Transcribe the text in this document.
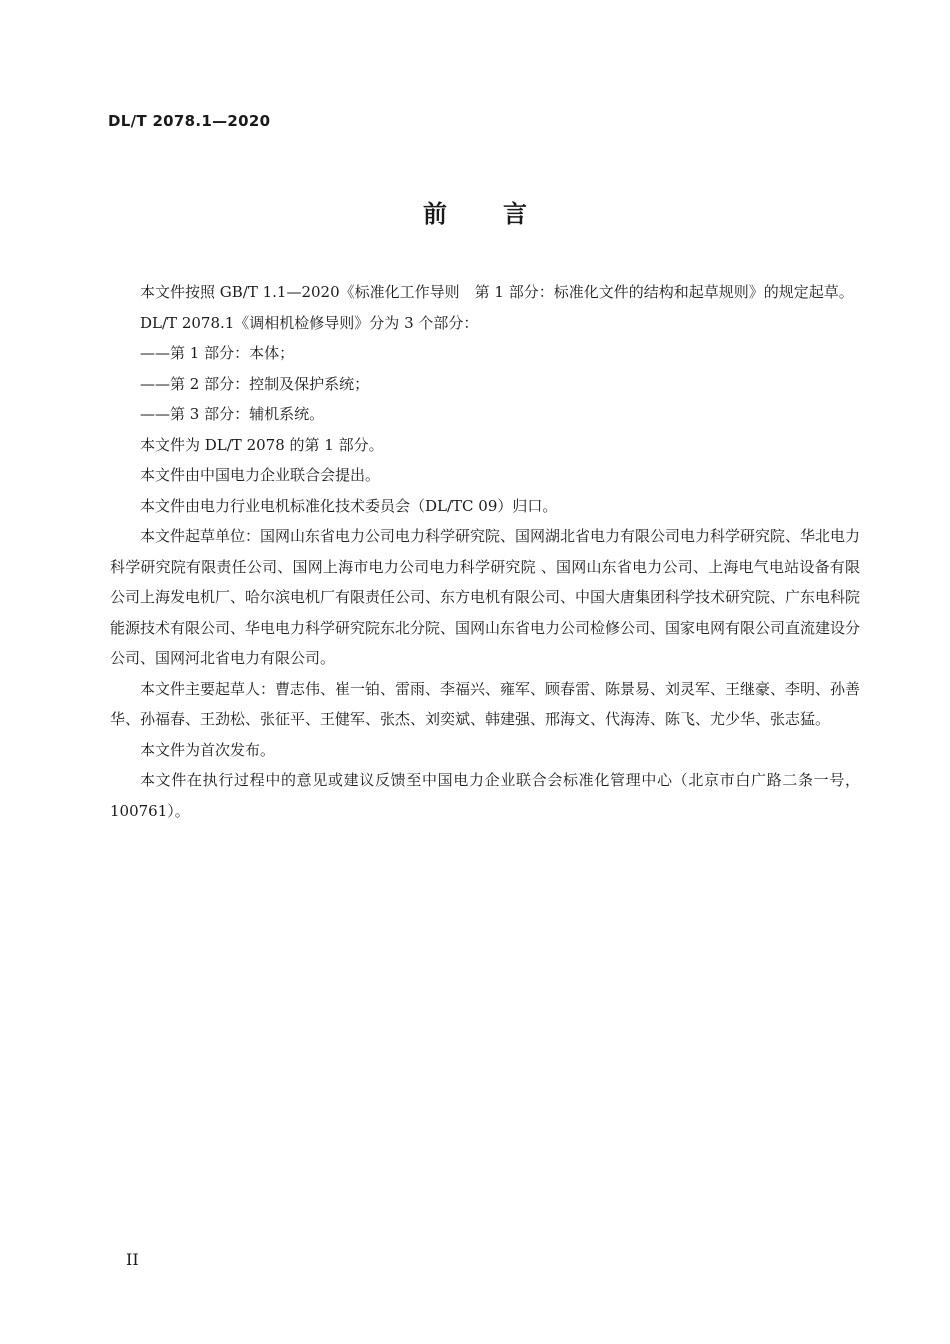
DL/T 2078.1—2020
前言

本文件按照 GB/T 1.1—2020《标准化工作导则　第 1 部分：标准化文件的结构和起草规则》的规定起草。

DL/T 2078.1《调相机检修导则》分为 3 个部分：

——第 1 部分：本体；

——第 2 部分：控制及保护系统；

——第 3 部分：辅机系统。

本文件为 DL/T 2078 的第 1 部分。

本文件由中国电力企业联合会提出。

本文件由电力行业电机标准化技术委员会（DL/TC 09）归口。

本文件起草单位：国网山东省电力公司电力科学研究院、国网湖北省电力有限公司电力科学研究院、华北电力科学研究院有限责任公司、国网上海市电力公司电力科学研究院 、国网山东省电力公司、上海电气电站设备有限公司上海发电机厂、哈尔滨电机厂有限责任公司、东方电机有限公司、中国大唐集团科学技术研究院、广东电科院能源技术有限公司、华电电力科学研究院东北分院、国网山东省电力公司检修公司、国家电网有限公司直流建设分公司、国网河北省电力有限公司。

本文件主要起草人：曹志伟、崔一铂、雷雨、李福兴、雍军、顾春雷、陈景易、刘灵军、王继豪、李明、孙善华、孙福春、王劲松、张征平、王健军、张杰、刘奕斌、韩建强、邢海文、代海涛、陈飞、尤少华、张志猛。

本文件为首次发布。

本文件在执行过程中的意见或建议反馈至中国电力企业联合会标准化管理中心（北京市白广路二条一号，100761）。

II
